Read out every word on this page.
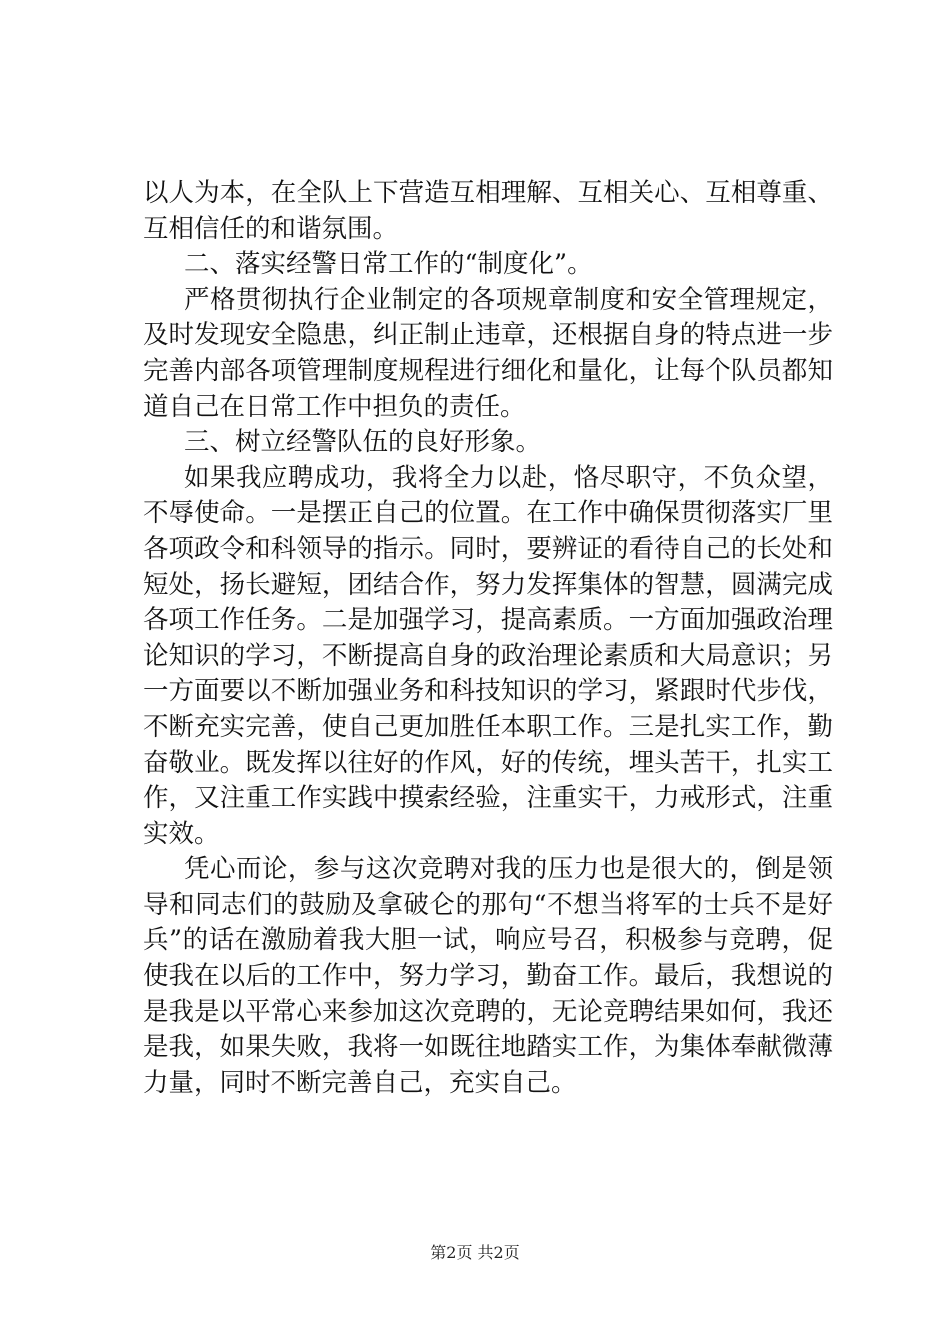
以人为本，在全队上下营造互相理解、互相关心、互相尊重、
互相信任的和谐氛围。
二、落实经警日常工作的“制度化”。
严格贯彻执行企业制定的各项规章制度和安全管理规定，
及时发现安全隐患，纠正制止违章，还根据自身的特点进一步
完善内部各项管理制度规程进行细化和量化，让每个队员都知
道自己在日常工作中担负的责任。
三、树立经警队伍的良好形象。
如果我应聘成功，我将全力以赴，恪尽职守，不负众望，
不辱使命。一是摆正自己的位置。在工作中确保贯彻落实厂里
各项政令和科领导的指示。同时，要辨证的看待自己的长处和
短处，扬长避短，团结合作，努力发挥集体的智慧，圆满完成
各项工作任务。二是加强学习，提高素质。一方面加强政治理
论知识的学习，不断提高自身的政治理论素质和大局意识；另
一方面要以不断加强业务和科技知识的学习，紧跟时代步伐，
不断充实完善，使自己更加胜任本职工作。三是扎实工作，勤
奋敬业。既发挥以往好的作风，好的传统，埋头苦干，扎实工
作，又注重工作实践中摸索经验，注重实干，力戒形式，注重
实效。
凭心而论，参与这次竞聘对我的压力也是很大的，倒是领
导和同志们的鼓励及拿破仑的那句“不想当将军的士兵不是好
兵”的话在激励着我大胆一试，响应号召，积极参与竞聘，促
使我在以后的工作中，努力学习，勤奋工作。最后，我想说的
是我是以平常心来参加这次竞聘的，无论竞聘结果如何，我还
是我，如果失败，我将一如既往地踏实工作，为集体奉献微薄
力量，同时不断完善自己，充实自己。
第2页 共2页
